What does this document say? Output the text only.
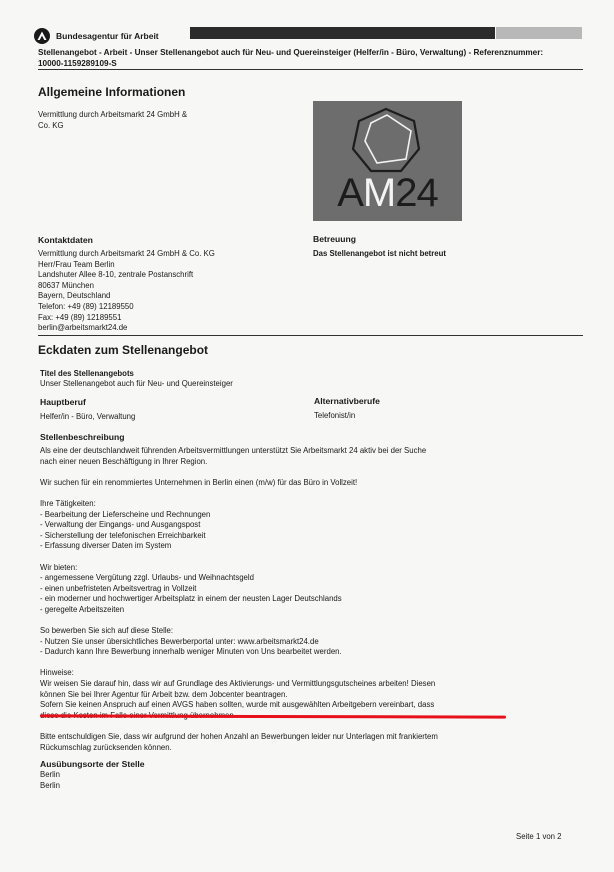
Bundesagentur für Arbeit
Stellenangebot - Arbeit - Unser Stellenangebot auch für Neu- und Quereinsteiger (Helfer/in - Büro, Verwaltung) - Referenznummer:
10000-1159289109-S
Allgemeine Informationen
Vermittlung durch Arbeitsmarkt 24 GmbH &
Co. KG
AM24
Kontaktdaten
Vermittlung durch Arbeitsmarkt 24 GmbH & Co. KG
Herr/Frau Team Berlin
Landshuter Allee 8-10, zentrale Postanschrift
80637 München
Bayern, Deutschland
Telefon: +49 (89) 12189550
Fax: +49 (89) 12189551
berlin@arbeitsmarkt24.de
Betreuung
Das Stellenangebot ist nicht betreut
Eckdaten zum Stellenangebot
Titel des Stellenangebots
Unser Stellenangebot auch für Neu- und Quereinsteiger
Hauptberuf
Helfer/in - Büro, Verwaltung
Alternativberufe
Telefonist/in
Stellenbeschreibung

Als eine der deutschlandweit führenden Arbeitsvermittlungen unterstützt Sie Arbeitsmarkt 24 aktiv bei der Suche
nach einer neuen Beschäftigung in Ihrer Region.

Wir suchen für ein renommiertes Unternehmen in Berlin einen (m/w) für das Büro in Vollzeit!

Ihre Tätigkeiten:
- Bearbeitung der Lieferscheine und Rechnungen
- Verwaltung der Eingangs- und Ausgangspost
- Sicherstellung der telefonischen Erreichbarkeit
- Erfassung diverser Daten im System

Wir bieten:
- angemessene Vergütung zzgl. Urlaubs- und Weihnachtsgeld
- einen unbefristeten Arbeitsvertrag in Vollzeit
- ein moderner und hochwertiger Arbeitsplatz in einem der neusten Lager Deutschlands
- geregelte Arbeitszeiten

So bewerben Sie sich auf diese Stelle:
- Nutzen Sie unser übersichtliches Bewerberportal unter: www.arbeitsmarkt24.de
- Dadurch kann Ihre Bewerbung innerhalb weniger Minuten von Uns bearbeitet werden.

Hinweise:
Wir weisen Sie darauf hin, dass wir auf Grundlage des Aktivierungs- und Vermittlungsgutscheines arbeiten! Diesen
können Sie bei Ihrer Agentur für Arbeit bzw. dem Jobcenter beantragen.
Sofern Sie keinen Anspruch auf einen AVGS haben sollten, wurde mit ausgewählten Arbeitgebern vereinbart, dass

Bitte entschuldigen Sie, dass wir aufgrund der hohen Anzahl an Bewerbungen leider nur Unterlagen mit frankiertem
Rückumschlag zurücksenden können.

Ausübungsorte der Stelle
Berlin
Berlin
Seite 1 von 2
